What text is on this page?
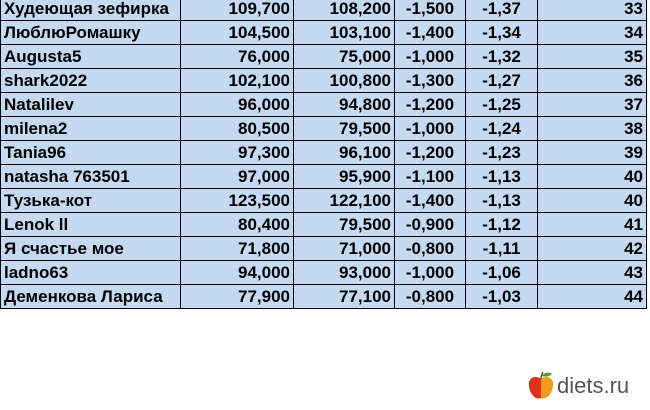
Худеющая зефирка	109,700	108,200	-1,500	-1,37	33
ЛюблюРомашку	104,500	103,100	-1,400	-1,34	34
Augusta5	76,000	75,000	-1,000	-1,32	35
shark2022	102,100	100,800	-1,300	-1,27	36
Natalilev	96,000	94,800	-1,200	-1,25	37
milena2	80,500	79,500	-1,000	-1,24	38
Tania96	97,300	96,100	-1,200	-1,23	39
natasha 763501	97,000	95,900	-1,100	-1,13	40
Тузька-кот	123,500	122,100	-1,400	-1,13	40
Lenok ll	80,400	79,500	-0,900	-1,12	41
Я счастье мое	71,800	71,000	-0,800	-1,11	42
ladno63	94,000	93,000	-1,000	-1,06	43
Деменкова Лариса	77,900	77,100	-0,800	-1,03	44
diets.ru
